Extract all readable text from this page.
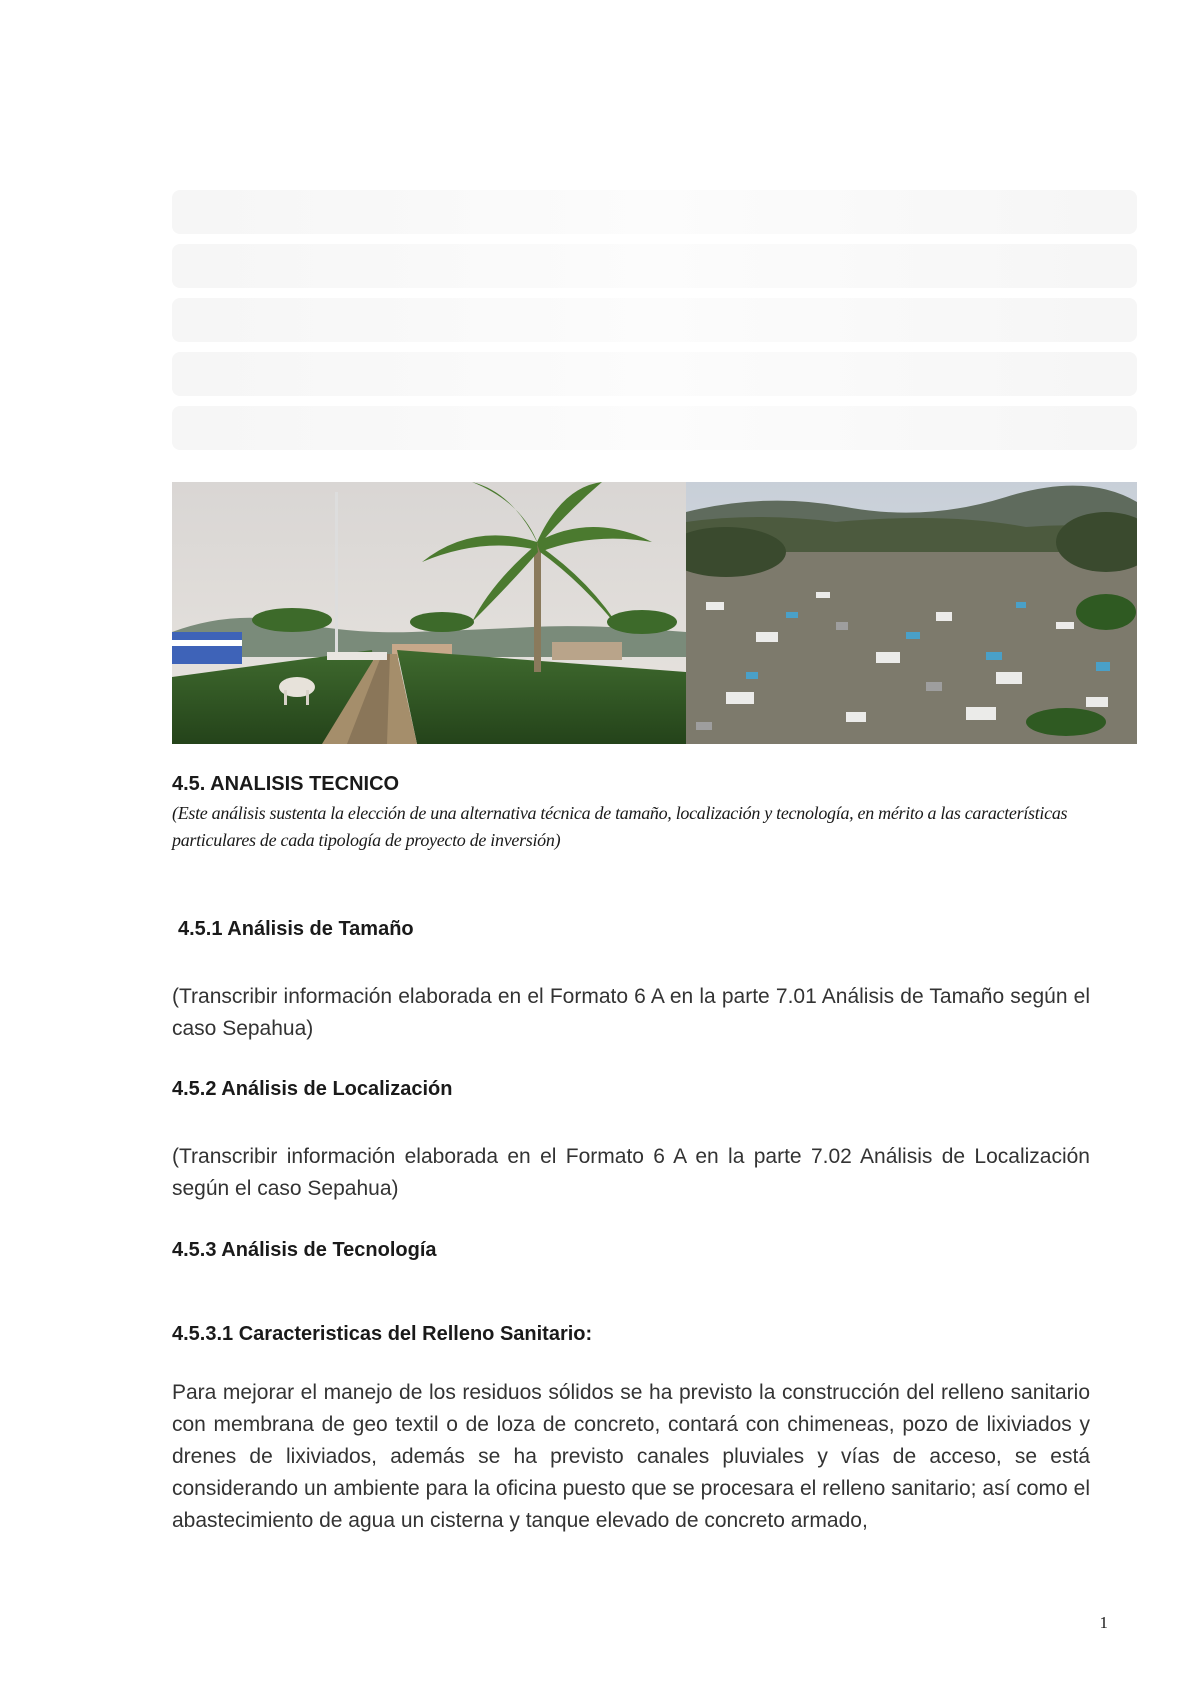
4.5. ANALISIS TECNICO

(Este análisis sustenta la elección de una alternativa técnica de tamaño, localización y tecnología, en mérito a las características particulares de cada tipología de proyecto de inversión)

4.5.1 Análisis de Tamaño

(Transcribir información elaborada en el Formato 6 A en la parte 7.01 Análisis de Tamaño según el caso Sepahua)

4.5.2 Análisis de Localización

(Transcribir información elaborada en el Formato 6 A en la parte 7.02 Análisis de Localización según el caso Sepahua)

4.5.3 Análisis de Tecnología
4.5.3.1 Caracteristicas del Relleno Sanitario:

Para mejorar el manejo de los residuos sólidos se ha previsto la construcción del relleno sanitario con membrana de geo textil o de loza de concreto, contará con chimeneas, pozo de lixiviados y drenes de lixiviados, además se ha previsto canales pluviales y vías de acceso, se está considerando un ambiente para la oficina puesto que se procesara el relleno sanitario; así como el abastecimiento de agua un cisterna y tanque elevado de concreto armado,

1
